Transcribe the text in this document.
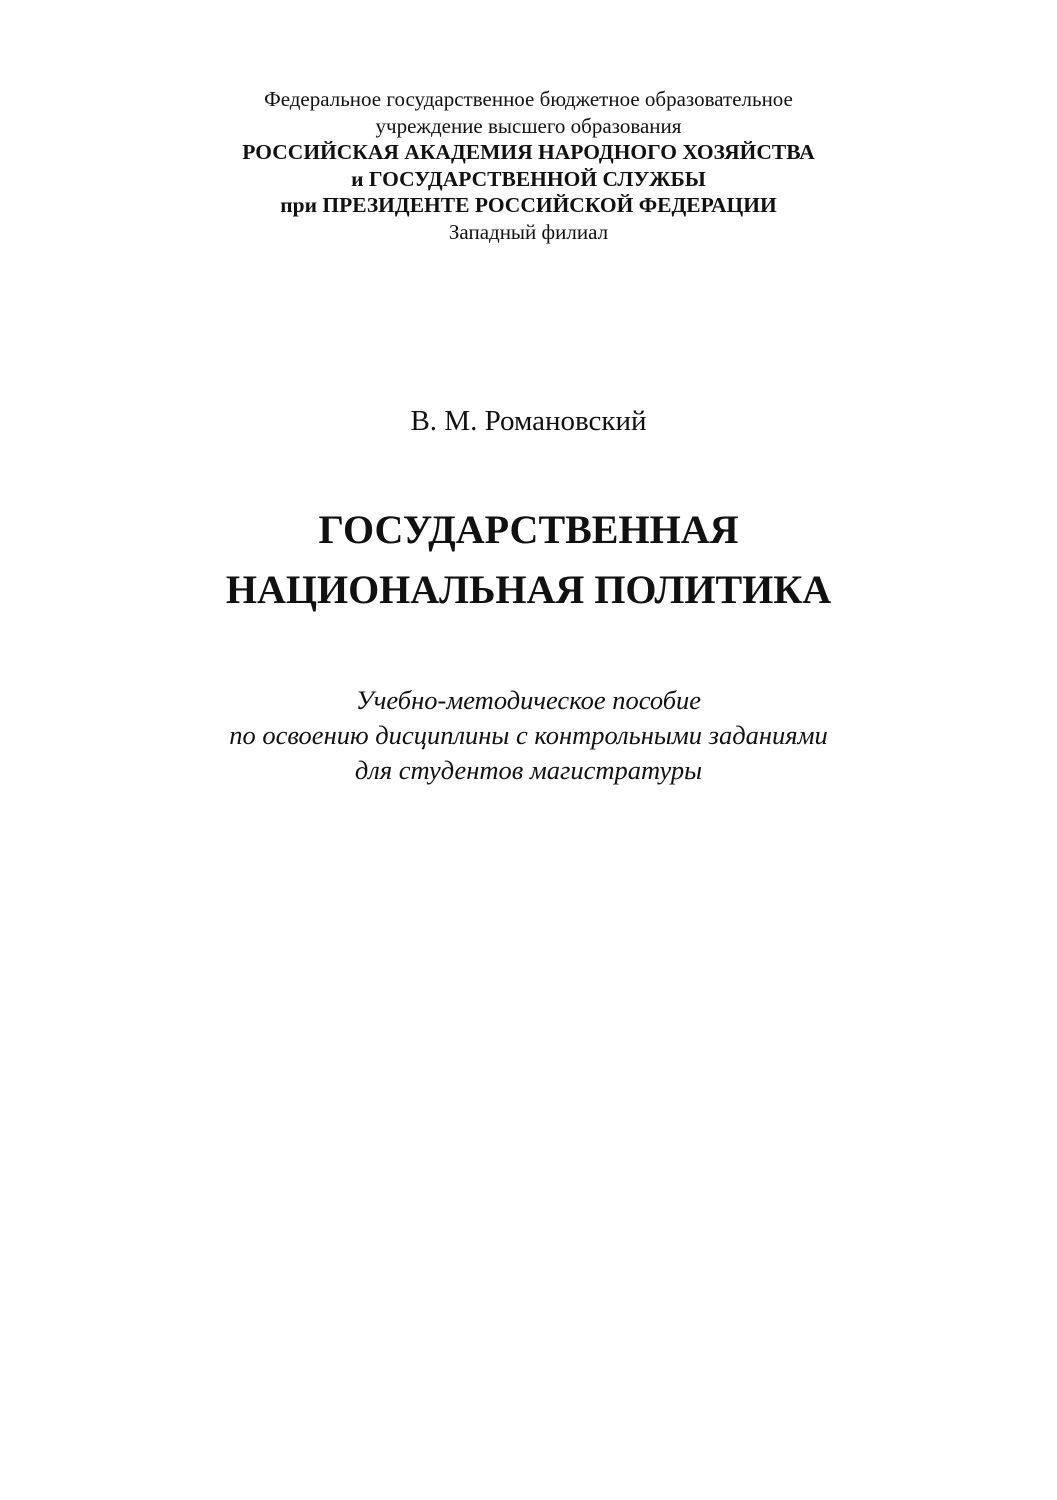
Федеральное государственное бюджетное образовательное
учреждение высшего образования
РОССИЙСКАЯ АКАДЕМИЯ НАРОДНОГО ХОЗЯЙСТВА
и ГОСУДАРСТВЕННОЙ СЛУЖБЫ
при ПРЕЗИДЕНТЕ РОССИЙСКОЙ ФЕДЕРАЦИИ
Западный филиал
В. М. Романовский
ГОСУДАРСТВЕННАЯ
НАЦИОНАЛЬНАЯ ПОЛИТИКА
Учебно-методическое пособие
по освоению дисциплины с контрольными заданиями
для студентов магистратуры
